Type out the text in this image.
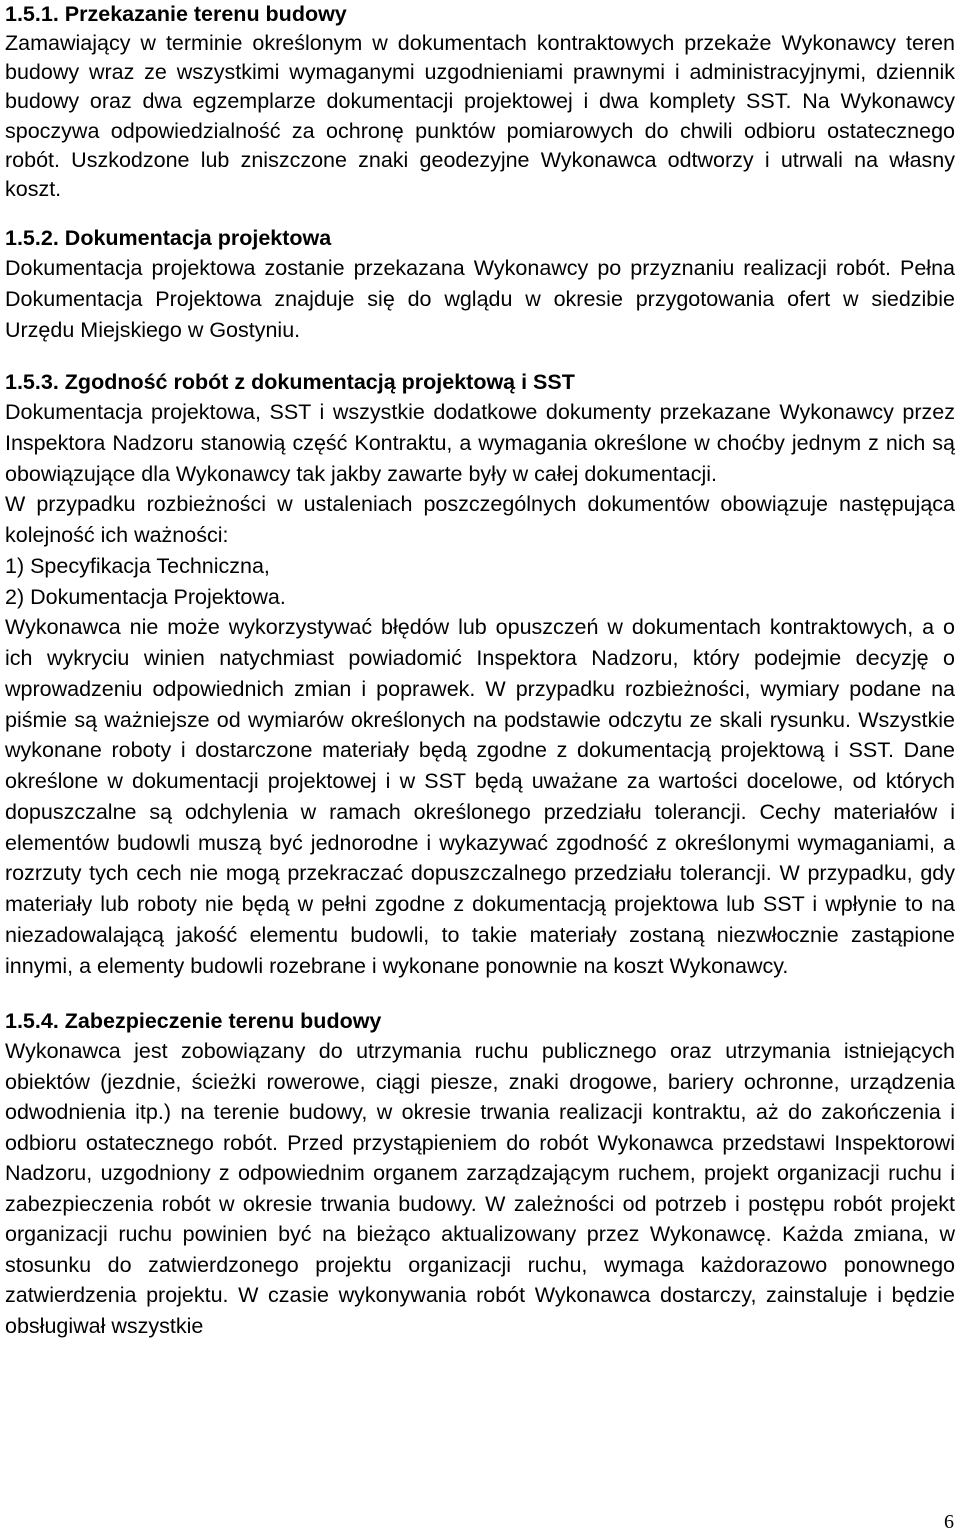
1.5.1. Przekazanie terenu budowy

Zamawiający w terminie określonym w dokumentach kontraktowych przekaże Wykonawcy teren budowy wraz ze wszystkimi wymaganymi uzgodnieniami prawnymi i administracyjnymi, dziennik budowy oraz dwa egzemplarze dokumentacji projektowej i dwa komplety SST. Na Wykonawcy spoczywa odpowiedzialność za ochronę punktów pomiarowych do chwili odbioru ostatecznego robót. Uszkodzone lub zniszczone znaki geodezyjne Wykonawca odtworzy i utrwali na własny koszt.

1.5.2. Dokumentacja projektowa

Dokumentacja projektowa zostanie przekazana Wykonawcy po przyznaniu realizacji robót. Pełna Dokumentacja Projektowa znajduje się do wglądu w okresie przygotowania ofert w siedzibie Urzędu Miejskiego w Gostyniu.

1.5.3. Zgodność robót z dokumentacją projektową i SST

Dokumentacja projektowa, SST i wszystkie dodatkowe dokumenty przekazane Wykonawcy przez Inspektora Nadzoru stanowią część Kontraktu, a wymagania określone w choćby jednym z nich są obowiązujące dla Wykonawcy tak jakby zawarte były w całej dokumentacji.

W przypadku rozbieżności w ustaleniach poszczególnych dokumentów obowiązuje następująca kolejność ich ważności:

1) Specyfikacja Techniczna,

2) Dokumentacja Projektowa.

Wykonawca nie może wykorzystywać błędów lub opuszczeń w dokumentach kontraktowych, a o ich wykryciu winien natychmiast powiadomić Inspektora Nadzoru, który podejmie decyzję o wprowadzeniu odpowiednich zmian i poprawek. W przypadku rozbieżności, wymiary podane na piśmie są ważniejsze od wymiarów określonych na podstawie odczytu ze skali rysunku. Wszystkie wykonane roboty i dostarczone materiały będą zgodne z dokumentacją projektową i SST. Dane określone w dokumentacji projektowej i w SST będą uważane za wartości docelowe, od których dopuszczalne są odchylenia w ramach określonego przedziału tolerancji. Cechy materiałów i elementów budowli muszą być jednorodne i wykazywać zgodność z określonymi wymaganiami, a rozrzuty tych cech nie mogą przekraczać dopuszczalnego przedziału tolerancji. W przypadku, gdy materiały lub roboty nie będą w pełni zgodne z dokumentacją projektowa lub SST i wpłynie to na niezadowalającą jakość elementu budowli, to takie materiały zostaną niezwłocznie zastąpione innymi, a elementy budowli rozebrane i wykonane ponownie na koszt Wykonawcy.

1.5.4. Zabezpieczenie terenu budowy

Wykonawca jest zobowiązany do utrzymania ruchu publicznego oraz utrzymania istniejących obiektów (jezdnie, ścieżki rowerowe, ciągi piesze, znaki drogowe, bariery ochronne, urządzenia odwodnienia itp.) na terenie budowy, w okresie trwania realizacji kontraktu, aż do zakończenia i odbioru ostatecznego robót. Przed przystąpieniem do robót Wykonawca przedstawi Inspektorowi Nadzoru, uzgodniony z odpowiednim organem zarządzającym ruchem, projekt organizacji ruchu i zabezpieczenia robót w okresie trwania budowy. W zależności od potrzeb i postępu robót projekt organizacji ruchu powinien być na bieżąco aktualizowany przez Wykonawcę. Każda zmiana, w stosunku do zatwierdzonego projektu organizacji ruchu, wymaga każdorazowo ponownego zatwierdzenia projektu. W czasie wykonywania robót Wykonawca dostarczy, zainstaluje i będzie obsługiwał wszystkie

6
